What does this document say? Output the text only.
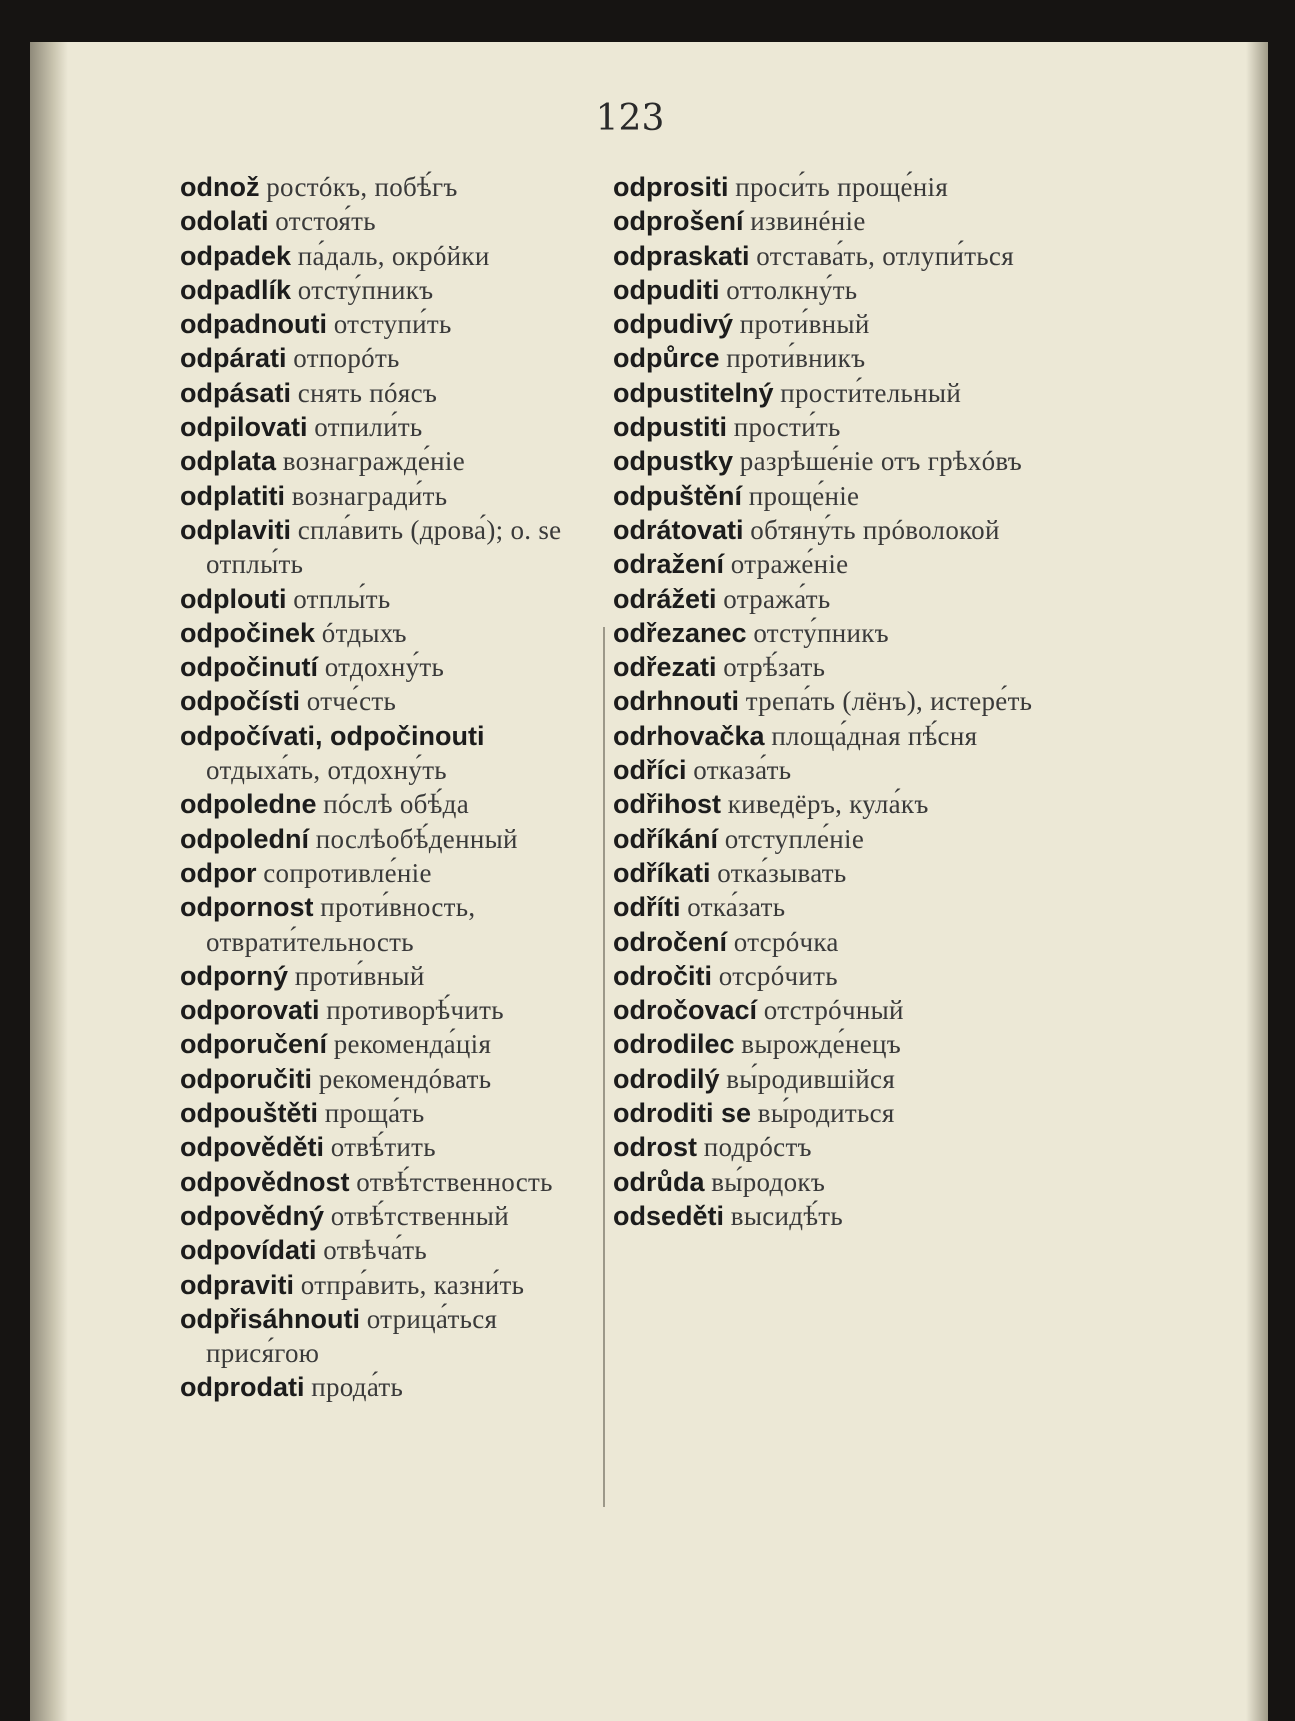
123

odnož ростóкъ, побѣ́гъ

odolati отстоя́ть

odpadek па́даль, окрóйки

odpadlík отсту́пникъ

odpadnouti отступи́ть

odpárati отпорóть

odpásati снять пóясъ

odpilovati отпили́ть

odplata вознагражде́ніе

odplatiti вознагради́ть

odplaviti спла́вить (дрова́); o. se отплы́ть

odplouti отплы́ть

odpočinek óтдыхъ

odpočinutí отдохну́ть

odpočísti отче́сть

odpočívati, odpočinouti отдыха́ть, отдохну́ть

odpoledne пóслѣ обѣ́да

odpolední послѣобѣ́денный

odpor сопротивле́ніе

odpornost проти́вность, отврати́тельность

odporný проти́вный

odporovati противорѣ́чить

odporučení рекоменда́ція

odporučiti рекомендóвать

odpouštěti проща́ть

odpověděti отвѣ́тить

odpovědnost отвѣ́тственность

odpovědný отвѣ́тственный

odpovídati отвѣча́ть

odpraviti отпра́вить, казни́ть

odpřisáhnouti отрица́ться прися́гою

odprodati прода́ть

odprositi проси́ть проще́нія

odprošení извинéніе

odpraskati отстава́ть, отлупи́ться

odpuditi оттолкну́ть

odpudivý проти́вный

odpůrce проти́вникъ

odpustitelný прости́тельный

odpustiti прости́ть

odpustky разрѣше́ніе отъ грѣхóвъ

odpuštění проще́ніе

odrátovati обтяну́ть прóволокой

odražení отраже́ніе

odrážeti отража́ть

odřezanec отсту́пникъ

odřezati отрѣ́зать

odrhnouti трепа́ть (лёнъ), истере́ть

odrhovačka площа́дная пѣ́сня

odříci отказа́ть

odřihost киведёръ, кула́къ

odříkání отступле́ніе

odříkati отка́зывать

odříti отка́зать

odročení отсрóчка

odročiti отсрóчить

odročovací отстрóчный

odrodilec вырожде́нецъ

odrodilý вы́родившійся

odroditi se вы́родиться

odrost подрóстъ

odrůda вы́родокъ

odseděti высидѣ́ть
